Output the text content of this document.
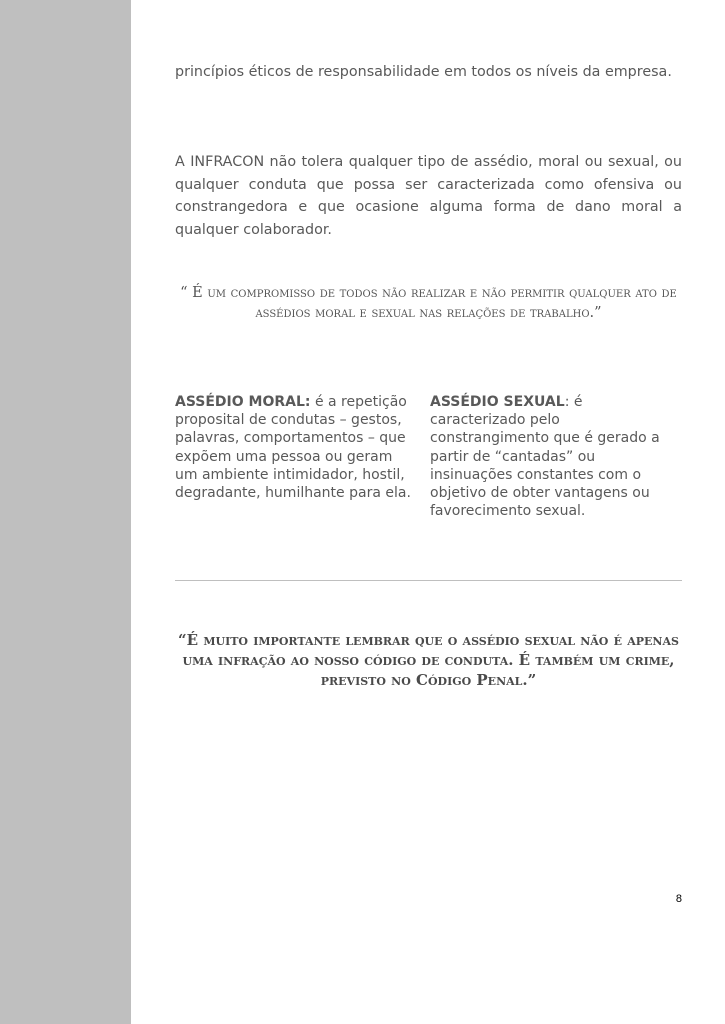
princípios éticos de responsabilidade em todos os níveis da empresa.

A INFRACON não tolera qualquer tipo de assédio, moral ou sexual, ou qualquer conduta que possa ser caracterizada como ofensiva ou constrangedora e que ocasione alguma forma de dano moral a qualquer colaborador.

“ É um compromisso de todos não realizar e não permitir qualquer ato de assédios moral e sexual nas relações de trabalho.”

ASSÉDIO MORAL: é a repetição proposital de condutas – gestos, palavras, comportamentos – que expõem uma pessoa ou geram um ambiente intimidador, hostil, degradante, humilhante para ela.

ASSÉDIO SEXUAL: é caracterizado pelo constrangimento que é gerado a partir de “cantadas” ou insinuações constantes com o objetivo de obter vantagens ou favorecimento sexual.

“É muito importante lembrar que o assédio sexual não é apenas uma infração ao nosso código de conduta. É também um crime, previsto no Código Penal.”

8
